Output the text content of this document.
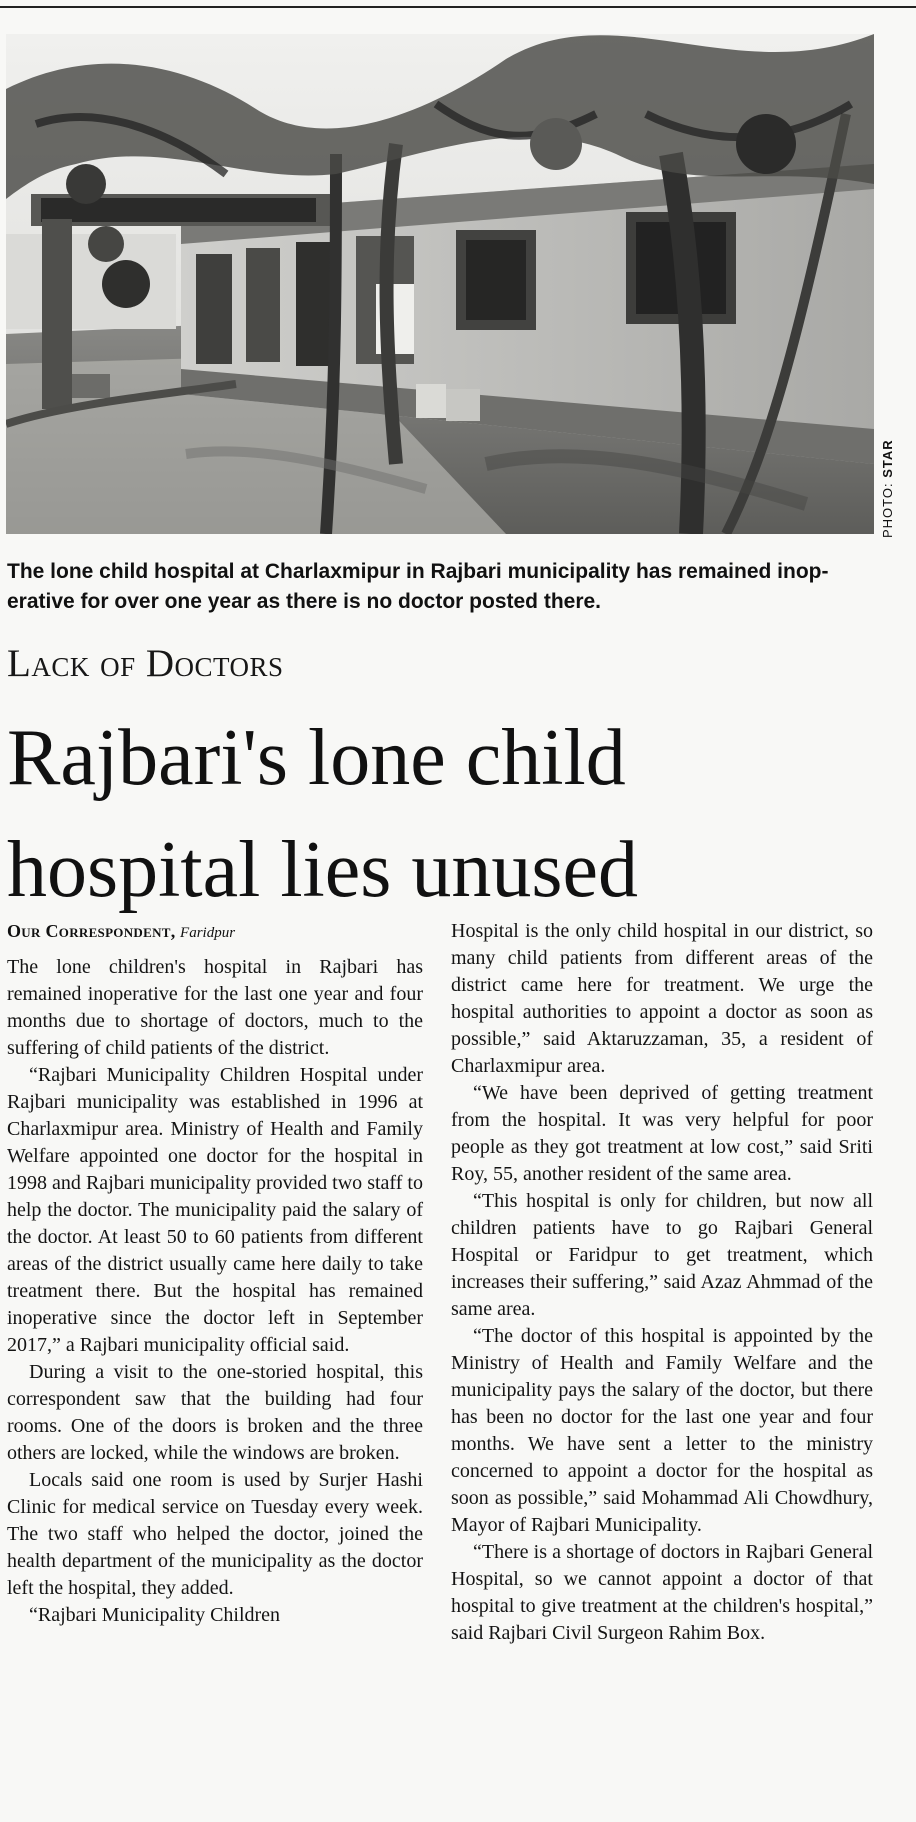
PHOTO: STAR
The lone child hospital at Charlaxmipur in Rajbari municipality has remained inop-
erative for over one year as there is no doctor posted there.
Lack of Doctors
Rajbari's lone child
hospital lies unused
Our Correspondent, Faridpur

The lone children's hospital in Rajbari has remained inoperative for the last one year and four months due to shortage of doctors, much to the suffering of child patients of the district.

“Rajbari Municipality Children Hospital under Rajbari municipality was established in 1996 at Charlaxmipur area. Ministry of Health and Family Welfare appointed one doctor for the hospital in 1998 and Rajbari municipality provided two staff to help the doctor. The municipality paid the salary of the doctor. At least 50 to 60 patients from different areas of the district usually came here daily to take treatment there. But the hospital has remained inoperative since the doctor left in September 2017,” a Rajbari municipality official said.

During a visit to the one-storied hospital, this correspondent saw that the building had four rooms. One of the doors is broken and the three others are locked, while the windows are broken.

Locals said one room is used by Surjer Hashi Clinic for medical service on Tuesday every week. The two staff who helped the doctor, joined the health department of the municipality as the doctor left the hospital, they added.

“Rajbari Municipality Children

Hospital is the only child hospital in our district, so many child patients from different areas of the district came here for treatment. We urge the hospital authorities to appoint a doctor as soon as possible,” said Aktaruzzaman, 35, a resident of Charlaxmipur area.

“We have been deprived of getting treatment from the hospital. It was very helpful for poor people as they got treatment at low cost,” said Sriti Roy, 55, another resident of the same area.

“This hospital is only for children, but now all children patients have to go Rajbari General Hospital or Faridpur to get treatment, which increases their suffering,” said Azaz Ahmmad of the same area.

“The doctor of this hospital is appointed by the Ministry of Health and Family Welfare and the municipality pays the salary of the doctor, but there has been no doctor for the last one year and four months. We have sent a letter to the ministry concerned to appoint a doctor for the hospital as soon as possible,” said Mohammad Ali Chowdhury, Mayor of Rajbari Municipality.

“There is a shortage of doctors in Rajbari General Hospital, so we cannot appoint a doctor of that hospital to give treatment at the children's hospital,” said Rajbari Civil Surgeon Rahim Box.
